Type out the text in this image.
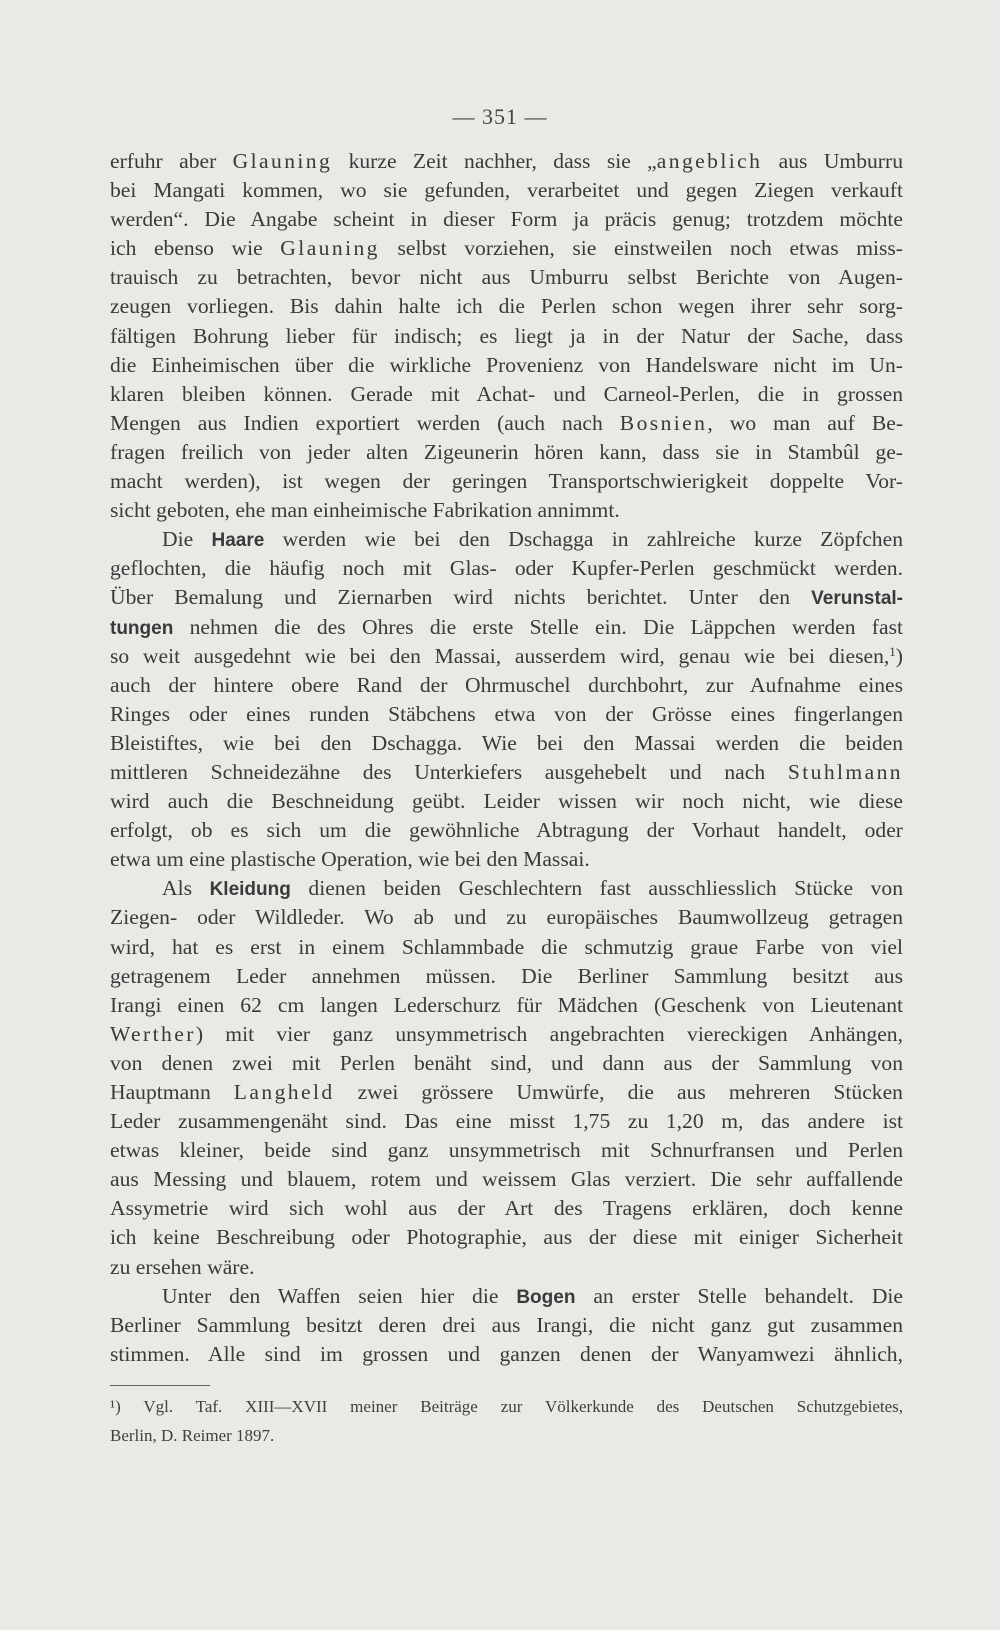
— 351 —
erfuhr aber Glauning kurze Zeit nachher, dass sie „angeblich aus Umburru
bei Mangati kommen, wo sie gefunden, verarbeitet und gegen Ziegen verkauft
werden“. Die Angabe scheint in dieser Form ja präcis genug; trotzdem möchte
ich ebenso wie Glauning selbst vorziehen, sie einstweilen noch etwas miss-
trauisch zu betrachten, bevor nicht aus Umburru selbst Berichte von Augen-
zeugen vorliegen. Bis dahin halte ich die Perlen schon wegen ihrer sehr sorg-
fältigen Bohrung lieber für indisch; es liegt ja in der Natur der Sache, dass
die Einheimischen über die wirkliche Provenienz von Handelsware nicht im Un-
klaren bleiben können. Gerade mit Achat- und Carneol-Perlen, die in grossen
Mengen aus Indien exportiert werden (auch nach Bosnien, wo man auf Be-
fragen freilich von jeder alten Zigeunerin hören kann, dass sie in Stambûl ge-
macht werden), ist wegen der geringen Transportschwierigkeit doppelte Vor-
sicht geboten, ehe man einheimische Fabrikation annimmt.
Die Haare werden wie bei den Dschagga in zahlreiche kurze Zöpfchen
geflochten, die häufig noch mit Glas- oder Kupfer-Perlen geschmückt werden.
Über Bemalung und Ziernarben wird nichts berichtet. Unter den Verunstal-
tungen nehmen die des Ohres die erste Stelle ein. Die Läppchen werden fast
so weit ausgedehnt wie bei den Massai, ausserdem wird, genau wie bei diesen,$^1$)
auch der hintere obere Rand der Ohrmuschel durchbohrt, zur Aufnahme eines
Ringes oder eines runden Stäbchens etwa von der Grösse eines fingerlangen
Bleistiftes, wie bei den Dschagga. Wie bei den Massai werden die beiden
mittleren Schneidezähne des Unterkiefers ausgehebelt und nach Stuhlmann
wird auch die Beschneidung geübt. Leider wissen wir noch nicht, wie diese
erfolgt, ob es sich um die gewöhnliche Abtragung der Vorhaut handelt, oder
etwa um eine plastische Operation, wie bei den Massai.
Als Kleidung dienen beiden Geschlechtern fast ausschliesslich Stücke von
Ziegen- oder Wildleder. Wo ab und zu europäisches Baumwollzeug getragen
wird, hat es erst in einem Schlammbade die schmutzig graue Farbe von viel
getragenem Leder annehmen müssen. Die Berliner Sammlung besitzt aus
Irangi einen 62 cm langen Lederschurz für Mädchen (Geschenk von Lieutenant
Werther) mit vier ganz unsymmetrisch angebrachten viereckigen Anhängen,
von denen zwei mit Perlen benäht sind, und dann aus der Sammlung von
Hauptmann Langheld zwei grössere Umwürfe, die aus mehreren Stücken
Leder zusammengenäht sind. Das eine misst 1,75 zu 1,20 m, das andere ist
etwas kleiner, beide sind ganz unsymmetrisch mit Schnurfransen und Perlen
aus Messing und blauem, rotem und weissem Glas verziert. Die sehr auffallende
Assymetrie wird sich wohl aus der Art des Tragens erklären, doch kenne
ich keine Beschreibung oder Photographie, aus der diese mit einiger Sicherheit
zu ersehen wäre.
Unter den Waffen seien hier die Bogen an erster Stelle behandelt. Die
Berliner Sammlung besitzt deren drei aus Irangi, die nicht ganz gut zusammen
stimmen. Alle sind im grossen und ganzen denen der Wanyamwezi ähnlich,
¹) Vgl. Taf. XIII—XVII meiner Beiträge zur Völkerkunde des Deutschen Schutzgebietes,
Berlin, D. Reimer 1897.
